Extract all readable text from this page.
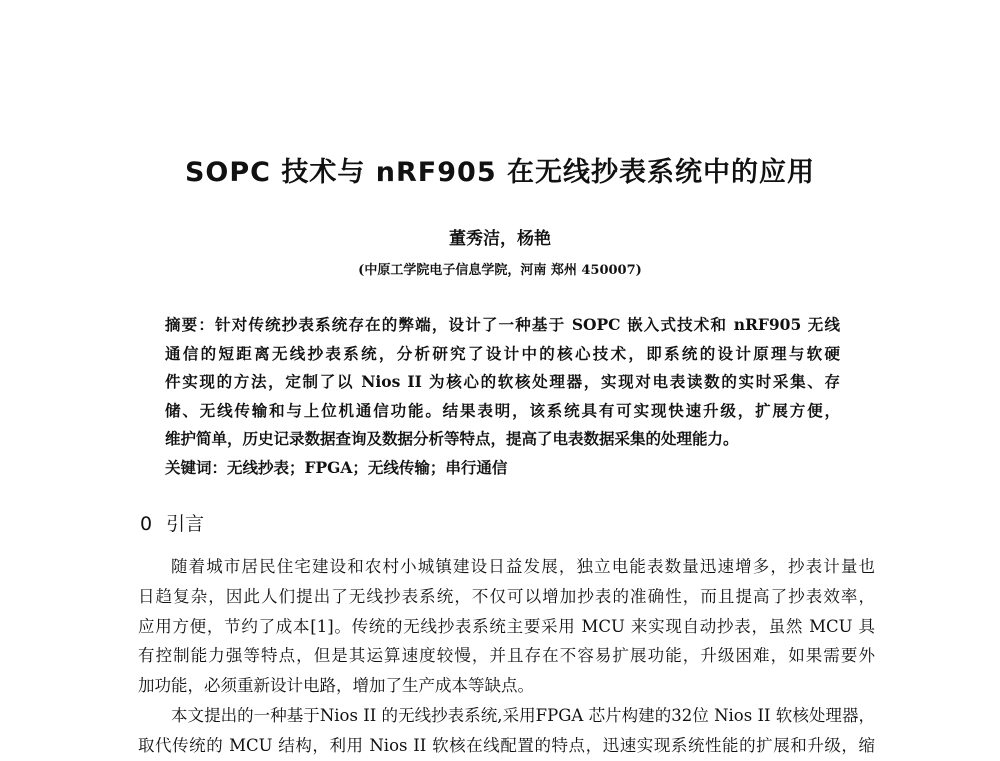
SOPC 技术与 nRF905 在无线抄表系统中的应用
董秀洁，杨艳
(中原工学院电子信息学院，河南 郑州 450007)
摘要：针对传统抄表系统存在的弊端，设计了一种基于 SOPC 嵌入式技术和 nRF905 无线
通信的短距离无线抄表系统，分析研究了设计中的核心技术，即系统的设计原理与软硬
件实现的方法，定制了以 Nios II 为核心的软核处理器，实现对电表读数的实时采集、存
储、无线传输和与上位机通信功能。结果表明，该系统具有可实现快速升级，扩展方便，
维护简单，历史记录数据查询及数据分析等特点，提高了电表数据采集的处理能力。
关键词：无线抄表；FPGA；无线传输；串行通信
0 引言
随着城市居民住宅建设和农村小城镇建设日益发展，独立电能表数量迅速增多，抄表计量也
日趋复杂，因此人们提出了无线抄表系统，不仅可以增加抄表的准确性，而且提高了抄表效率，
应用方便，节约了成本[1]。传统的无线抄表系统主要采用 MCU 来实现自动抄表，虽然 MCU 具
有控制能力强等特点，但是其运算速度较慢，并且存在不容易扩展功能，升级困难，如果需要外
加功能，必须重新设计电路，增加了生产成本等缺点。
本文提出的一种基于Nios II 的无线抄表系统,采用FPGA 芯片构建的32位 Nios II 软核处理器，
取代传统的 MCU 结构，利用 Nios II 软核在线配置的特点，迅速实现系统性能的扩展和升级，缩
